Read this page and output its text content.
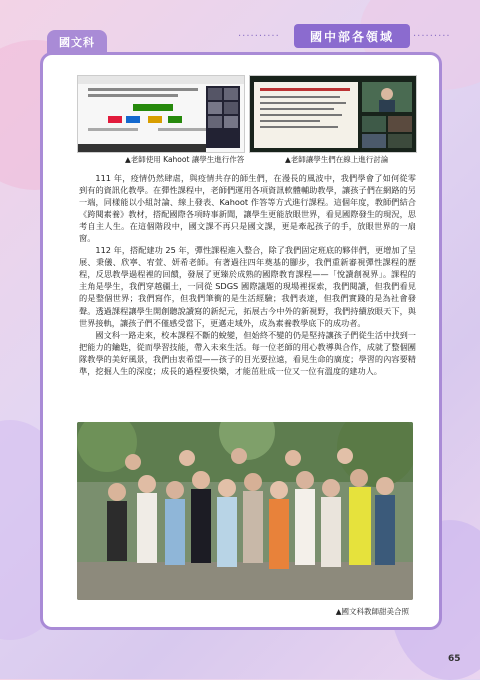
國文科	··········	國中部各領域	·········
▲老師使用 Kahoot 讓學生進行作答	▲老師讓學生們在線上進行討論

111 年，疫情仍然肆虐，與疫情共存的師生們，在漫長的風波中，我們學會了如何從零到有的資訊化教學。在彈性課程中，老師們運用各項資訊軟體輔助教學，讓孩子們在網路的另一端，同樣能以小組討論、線上發表、Kahoot 作答等方式進行課程。這個年度，教師們結合《跨閱素養》教材，搭配國際各項時事新聞，讓學生更能放眼世界，看見國際發生的現況，思考自主人生。在這個階段中，國文課不再只是國文課，更是牽起孩子的手，放眼世界的一扇窗。

112 年，搭配建功 25 年，彈性課程進入整合，除了我們固定班底的夥伴們，更增加了呈展、秉儀、欣寧、宥萱、妍希老師。有著過往四年奠基的腳步，我們重新審視彈性課程的歷程，反思教學過程裡的回饋，發展了更臻於成熟的國際教育課程——「悅讀創視界」。課程的主角是學生，我們穿越疆土，一同從 SDGS 國際議題的現場裡探索，我們閱讀，但我們看見的是整個世界；我們寫作，但我們筆衝的是生活經驗；我們表達，但我們實踐的是為社會發聲。透過課程讓學生開創聽說讀寫的新紀元，拓展古今中外的新視野，我們持續放眼天下，與世界接軌，讓孩子們不僅感受當下，更邁走域外，成為素養教學底下的成功者。

國文科一路走來，校本課程不斷的蛻變，但始終不變的仍是堅持讓孩子們從生活中找到一把能力的鑰匙，從而學習技能，帶入未來生活。每一位老師的用心教導與合作，成就了整個團隊教學的美好風景，我們由衷希望——孩子的目光要拉遠，看見生命的廣度；學習的內容要精準，挖掘人生的深度；成長的過程要快樂，才能茁壯成一位又一位有溫度的建功人。

▲國文科教師甜美合照
65
